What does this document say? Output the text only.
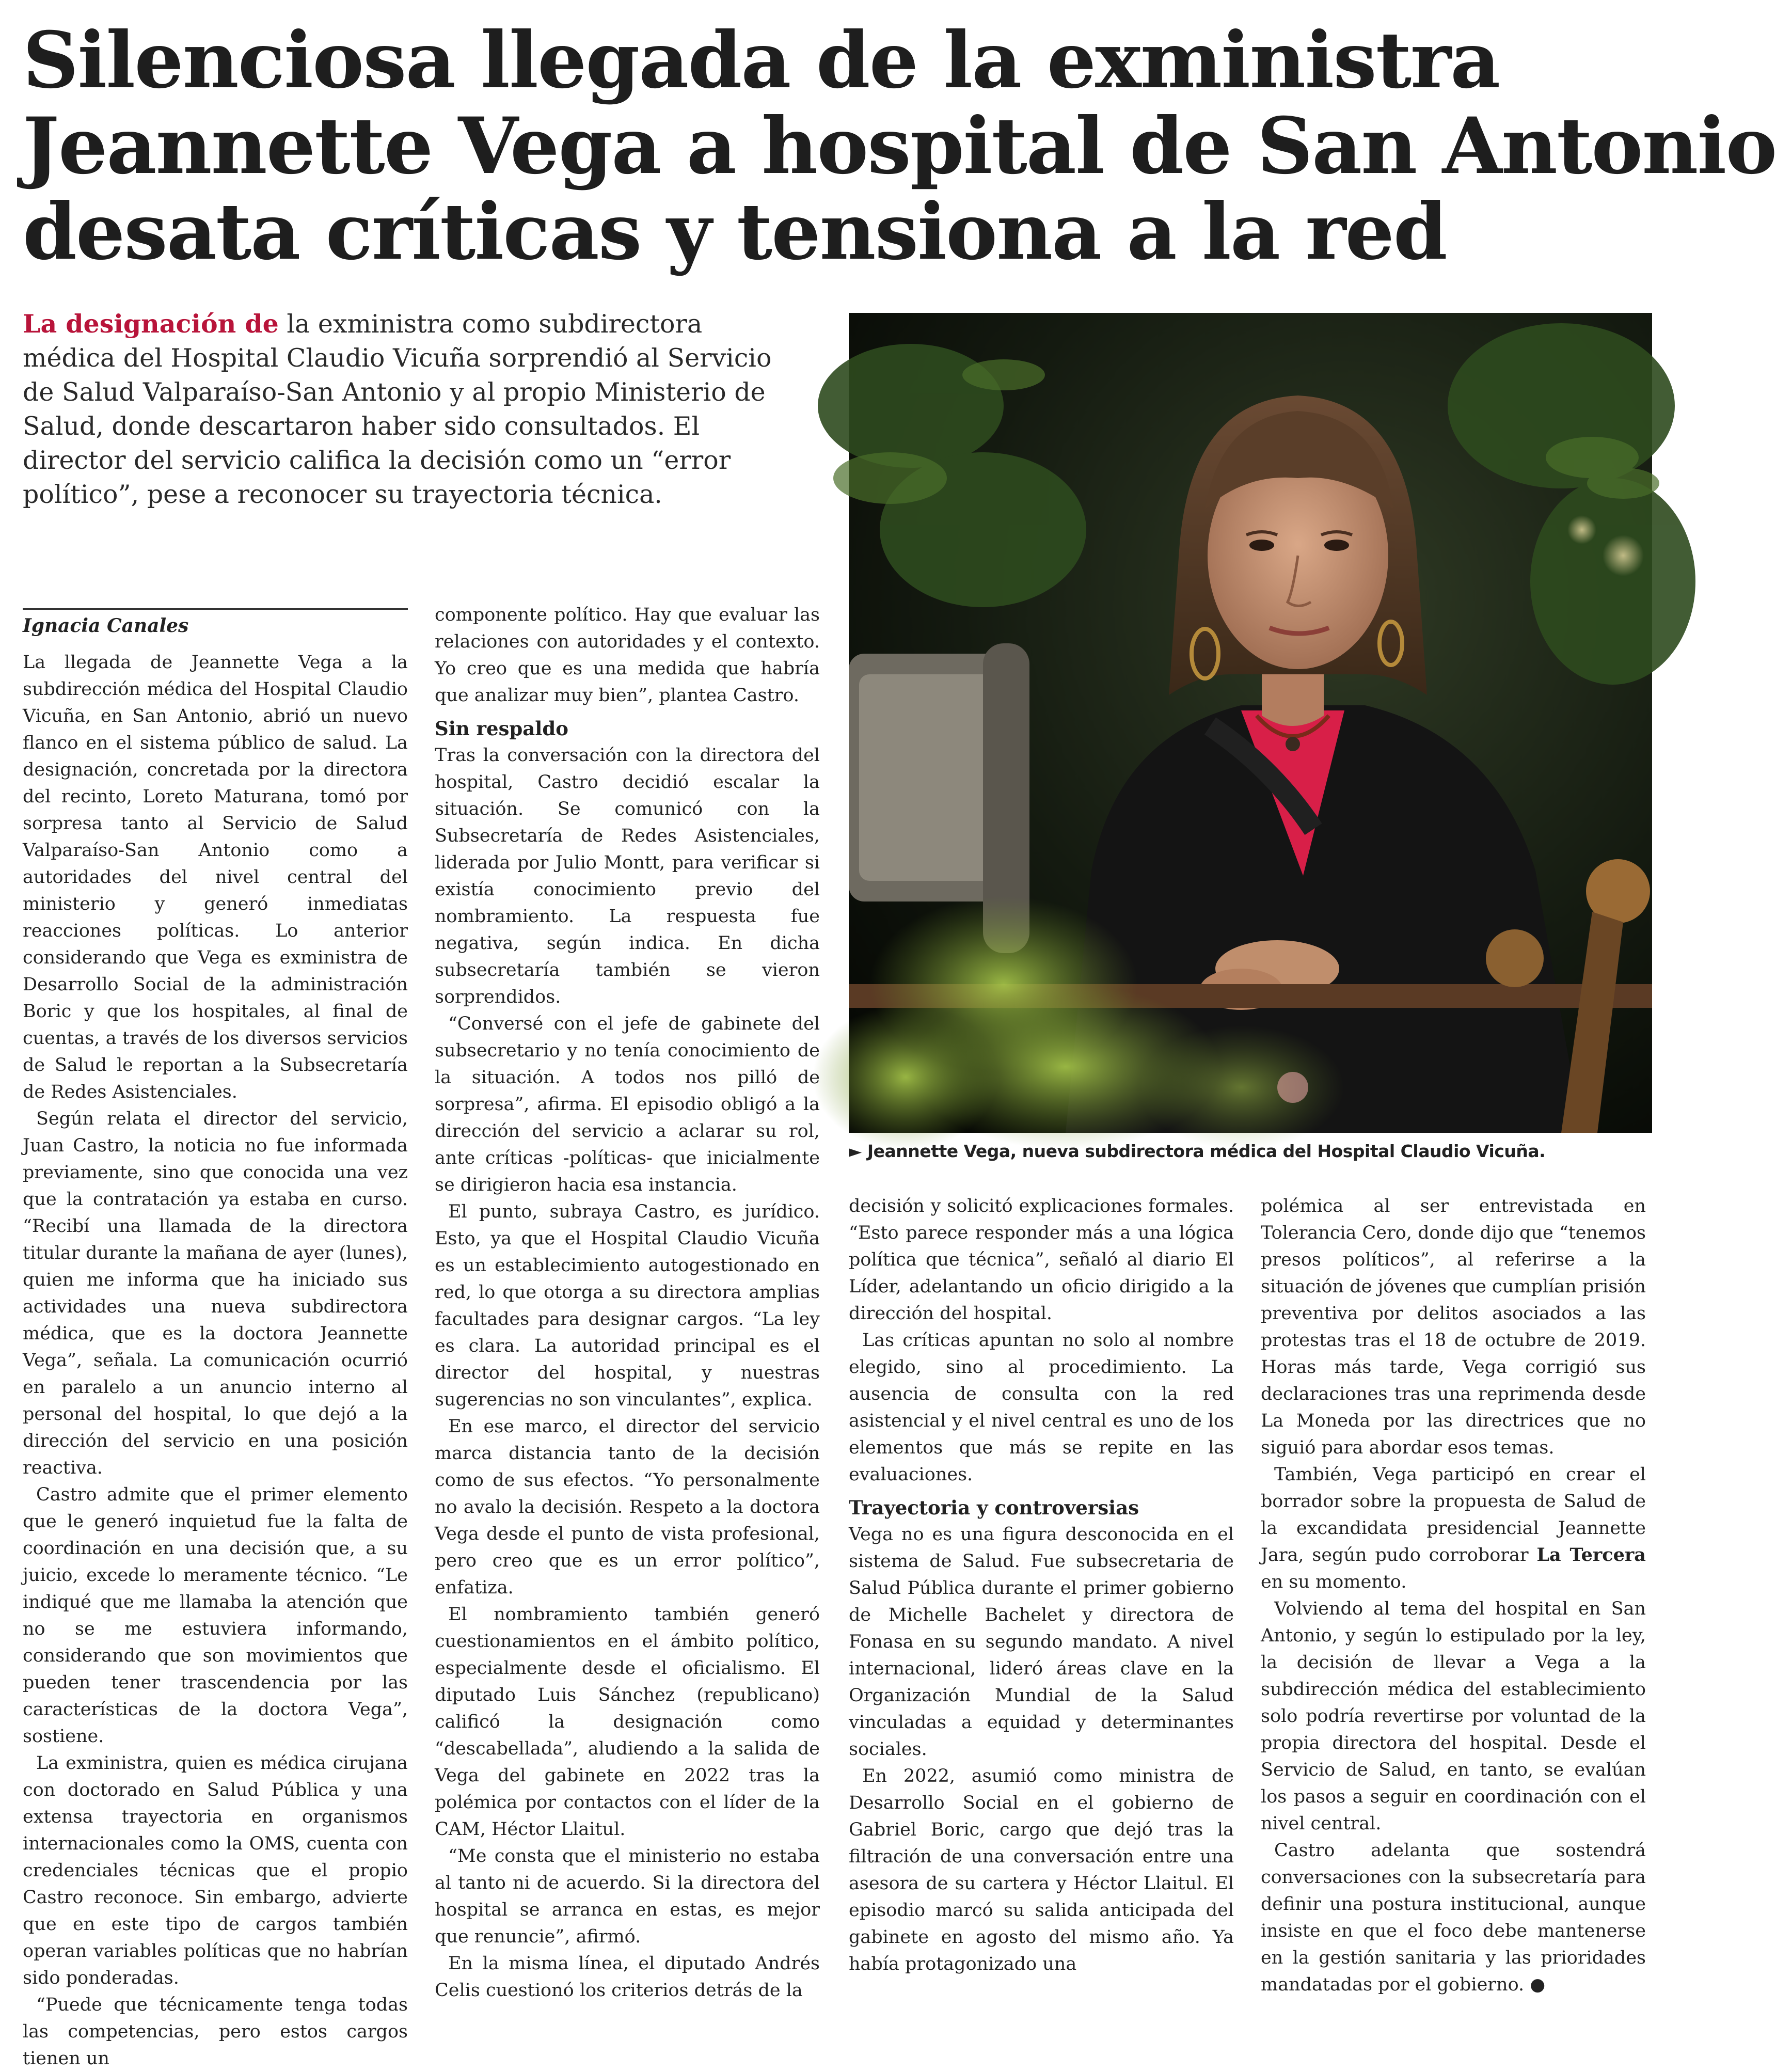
Silenciosa llegada de la exministra
Jeannette Vega a hospital de San Antonio
desata críticas y tensiona a la red

La designación de la exministra como subdirectora médica del Hospital Claudio Vicuña sorprendió al Servicio de Salud Valparaíso-San Antonio y al propio Ministerio de Salud, donde descartaron haber sido consultados. El director del servicio califica la decisión como un “error político”, pese a reconocer su trayectoria técnica.

► Jeannette Vega, nueva subdirectora médica del Hospital Claudio Vicuña.
Ignacia Canales

La llegada de Jeannette Vega a la subdirección médica del Hospital Claudio Vicuña, en San Antonio, abrió un nuevo flanco en el sistema público de salud. La designación, concretada por la directora del recinto, Loreto Maturana, tomó por sorpresa tanto al Servicio de Salud Valparaíso-San Antonio como a autoridades del nivel central del ministerio y generó inmediatas reacciones políticas. Lo anterior considerando que Vega es exministra de Desarrollo Social de la administración Boric y que los hospitales, al final de cuentas, a través de los diversos servicios de Salud le reportan a la Subsecretaría de Redes Asistenciales.

Según relata el director del servicio, Juan Castro, la noticia no fue informada previamente, sino que conocida una vez que la contratación ya estaba en curso. “Recibí una llamada de la directora titular durante la mañana de ayer (lunes), quien me informa que ha iniciado sus actividades una nueva subdirectora médica, que es la doctora Jeannette Vega”, señala. La comunicación ocurrió en paralelo a un anuncio interno al personal del hospital, lo que dejó a la dirección del servicio en una posición reactiva.

Castro admite que el primer elemento que le generó inquietud fue la falta de coordinación en una decisión que, a su juicio, excede lo meramente técnico. “Le indiqué que me llamaba la atención que no se me estuviera informando, considerando que son movimientos que pueden tener trascendencia por las características de la doctora Vega”, sostiene.

La exministra, quien es médica cirujana con doctorado en Salud Pública y una extensa trayectoria en organismos internacionales como la OMS, cuenta con credenciales técnicas que el propio Castro reconoce. Sin embargo, advierte que en este tipo de cargos también operan variables políticas que no habrían sido ponderadas.

“Puede que técnicamente tenga todas las competencias, pero estos cargos tienen un

componente político. Hay que evaluar las relaciones con autoridades y el contexto. Yo creo que es una medida que habría que analizar muy bien”, plantea Castro.

Sin respaldo

Tras la conversación con la directora del hospital, Castro decidió escalar la situación. Se comunicó con la Subsecretaría de Redes Asistenciales, liderada por Julio Montt, para verificar si existía conocimiento previo del nombramiento. La respuesta fue negativa, según indica. En dicha subsecretaría también se vieron sorprendidos.

“Conversé con el jefe de gabinete del subsecretario y no tenía conocimiento de la situación. A todos nos pilló de sorpresa”, afirma. El episodio obligó a la dirección del servicio a aclarar su rol, ante críticas -políticas- que inicialmente se dirigieron hacia esa instancia.

El punto, subraya Castro, es jurídico. Esto, ya que el Hospital Claudio Vicuña es un establecimiento autogestionado en red, lo que otorga a su directora amplias facultades para designar cargos. “La ley es clara. La autoridad principal es el director del hospital, y nuestras sugerencias no son vinculantes”, explica.

En ese marco, el director del servicio marca distancia tanto de la decisión como de sus efectos. “Yo personalmente no avalo la decisión. Respeto a la doctora Vega desde el punto de vista profesional, pero creo que es un error político”, enfatiza.

El nombramiento también generó cuestionamientos en el ámbito político, especialmente desde el oficialismo. El diputado Luis Sánchez (republicano) calificó la designación como “descabellada”, aludiendo a la salida de Vega del gabinete en 2022 tras la polémica por contactos con el líder de la CAM, Héctor Llaitul.

“Me consta que el ministerio no estaba al tanto ni de acuerdo. Si la directora del hospital se arranca en estas, es mejor que renuncie”, afirmó.

En la misma línea, el diputado Andrés Celis cuestionó los criterios detrás de la

decisión y solicitó explicaciones formales. “Esto parece responder más a una lógica política que técnica”, señaló al diario El Líder, adelantando un oficio dirigido a la dirección del hospital.

Las críticas apuntan no solo al nombre elegido, sino al procedimiento. La ausencia de consulta con la red asistencial y el nivel central es uno de los elementos que más se repite en las evaluaciones.

Trayectoria y controversias

Vega no es una figura desconocida en el sistema de Salud. Fue subsecretaria de Salud Pública durante el primer gobierno de Michelle Bachelet y directora de Fonasa en su segundo mandato. A nivel internacional, lideró áreas clave en la Organización Mundial de la Salud vinculadas a equidad y determinantes sociales.

En 2022, asumió como ministra de Desarrollo Social en el gobierno de Gabriel Boric, cargo que dejó tras la filtración de una conversación entre una asesora de su cartera y Héctor Llaitul. El episodio marcó su salida anticipada del gabinete en agosto del mismo año. Ya había protagonizado una

polémica al ser entrevistada en Tolerancia Cero, donde dijo que “tenemos presos políticos”, al referirse a la situación de jóvenes que cumplían prisión preventiva por delitos asociados a las protestas tras el 18 de octubre de 2019. Horas más tarde, Vega corrigió sus declaraciones tras una reprimenda desde La Moneda por las directrices que no siguió para abordar esos temas.

También, Vega participó en crear el borrador sobre la propuesta de Salud de la excandidata presidencial Jeannette Jara, según pudo corroborar La Tercera en su momento.

Volviendo al tema del hospital en San Antonio, y según lo estipulado por la ley, la decisión de llevar a Vega a la subdirección médica del establecimiento solo podría revertirse por voluntad de la propia directora del hospital. Desde el Servicio de Salud, en tanto, se evalúan los pasos a seguir en coordinación con el nivel central.

Castro adelanta que sostendrá conversaciones con la subsecretaría para definir una postura institucional, aunque insiste en que el foco debe mantenerse en la gestión sanitaria y las prioridades mandatadas por el gobierno. ●
